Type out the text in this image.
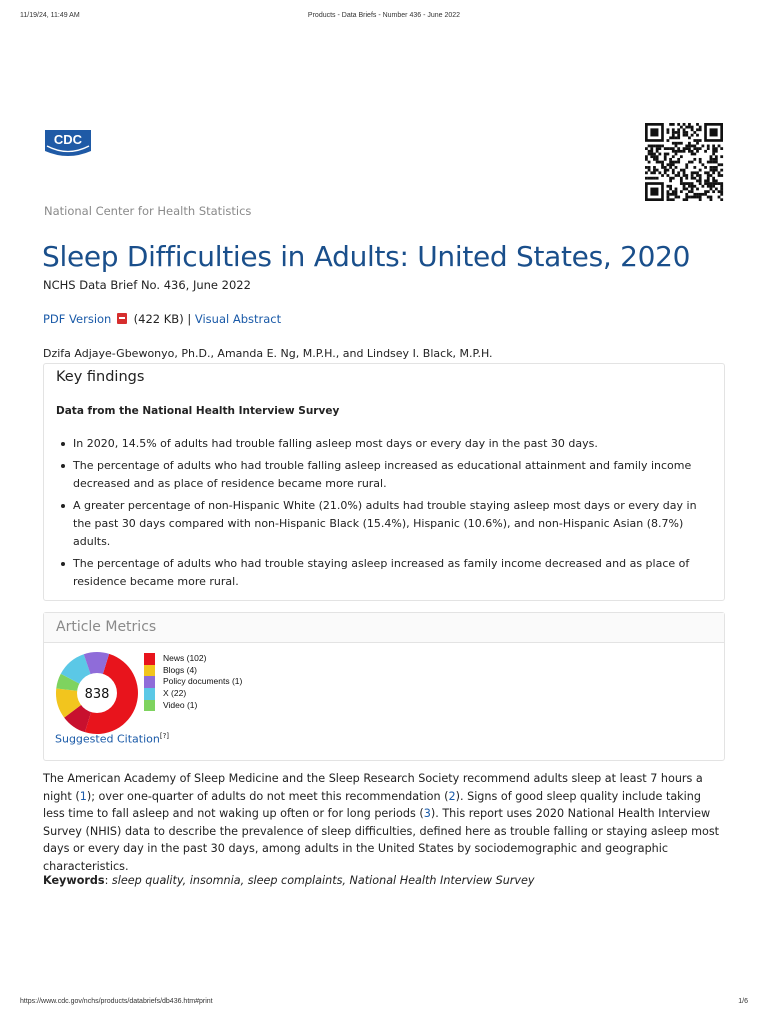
11/19/24, 11:49 AM	Products - Data Briefs - Number 436 - June 2022
CDC
National Center for Health Statistics
Sleep Difficulties in Adults: United States, 2020
NCHS Data Brief No. 436, June 2022
PDF Version (422 KB) | Visual Abstract
Dzifa Adjaye-Gbewonyo, Ph.D., Amanda E. Ng, M.P.H., and Lindsey I. Black, M.P.H.
Key findings
Data from the National Health Interview Survey
In 2020, 14.5% of adults had trouble falling asleep most days or every day in the past 30 days.
The percentage of adults who had trouble falling asleep increased as educational attainment and family income decreased and as place of residence became more rural.
A greater percentage of non-Hispanic White (21.0%) adults had trouble staying asleep most days or every day in the past 30 days compared with non-Hispanic Black (15.4%), Hispanic (10.6%), and non-Hispanic Asian (8.7%) adults.
The percentage of adults who had trouble staying asleep increased as family income decreased and as place of residence became more rural.
Article Metrics
838
News (102)
Blogs (4)
Policy documents (1)
X (22)
Video (1)
Suggested Citation[?]

The American Academy of Sleep Medicine and the Sleep Research Society recommend adults sleep at least 7 hours a night (1); over one-quarter of adults do not meet this recommendation (2). Signs of good sleep quality include taking less time to fall asleep and not waking up often or for long periods (3). This report uses 2020 National Health Interview Survey (NHIS) data to describe the prevalence of sleep difficulties, defined here as trouble falling or staying asleep most days or every day in the past 30 days, among adults in the United States by sociodemographic and geographic characteristics.

Keywords: sleep quality, insomnia, sleep complaints, National Health Interview Survey
https://www.cdc.gov/nchs/products/databriefs/db436.htm#print	1/6
